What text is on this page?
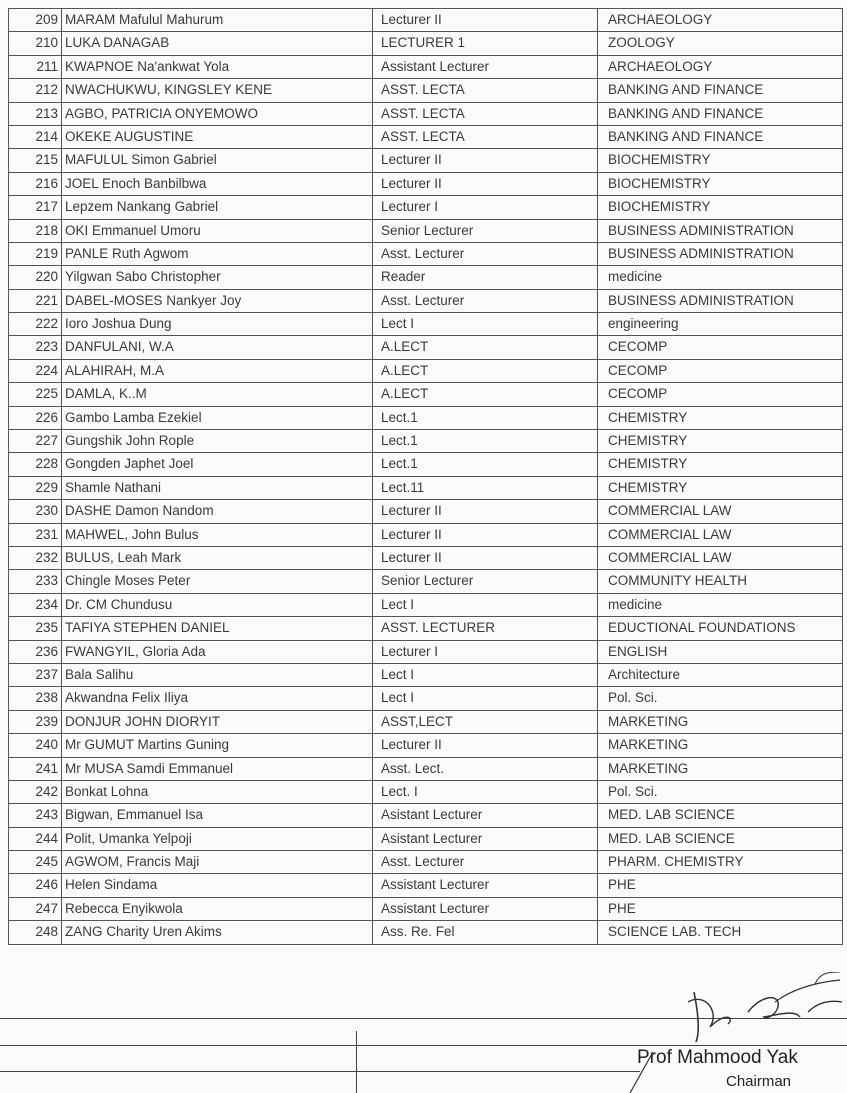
209 MARAM Mafulul Mahurum	Lecturer II	ARCHAEOLOGY
210 LUKA DANAGAB	LECTURER 1	ZOOLOGY
211 KWAPNOE Na'ankwat Yola	Assistant Lecturer	ARCHAEOLOGY
212 NWACHUKWU, KINGSLEY KENE	ASST. LECTA	BANKING AND FINANCE
213 AGBO, PATRICIA ONYEMOWO	ASST. LECTA	BANKING AND FINANCE
214 OKEKE AUGUSTINE	ASST. LECTA	BANKING AND FINANCE
215 MAFULUL Simon Gabriel	Lecturer II	BIOCHEMISTRY
216 JOEL Enoch Banbilbwa	Lecturer II	BIOCHEMISTRY
217 Lepzem Nankang Gabriel	Lecturer I	BIOCHEMISTRY
218 OKI Emmanuel Umoru	Senior Lecturer	BUSINESS ADMINISTRATION
219 PANLE Ruth Agwom	Asst. Lecturer	BUSINESS ADMINISTRATION
220 Yilgwan Sabo Christopher	Reader	medicine
221 DABEL-MOSES Nankyer Joy	Asst. Lecturer	BUSINESS ADMINISTRATION
222 Ioro Joshua Dung	Lect I	engineering
223 DANFULANI, W.A	A.LECT	CECOMP
224 ALAHIRAH, M.A	A.LECT	CECOMP
225 DAMLA, K..M	A.LECT	CECOMP
226 Gambo Lamba Ezekiel	Lect.1	CHEMISTRY
227 Gungshik John Rople	Lect.1	CHEMISTRY
228 Gongden Japhet Joel	Lect.1	CHEMISTRY
229 Shamle Nathani	Lect.11	CHEMISTRY
230 DASHE Damon Nandom	Lecturer II	COMMERCIAL LAW
231 MAHWEL, John Bulus	Lecturer II	COMMERCIAL LAW
232 BULUS, Leah Mark	Lecturer II	COMMERCIAL LAW
233 Chingle Moses Peter	Senior Lecturer	COMMUNITY HEALTH
234 Dr. CM Chundusu	Lect I	medicine
235 TAFIYA STEPHEN DANIEL	ASST. LECTURER	EDUCTIONAL FOUNDATIONS
236 FWANGYIL, Gloria Ada	Lecturer I	ENGLISH
237 Bala Salihu	Lect I	Architecture
238 Akwandna Felix Iliya	Lect I	Pol. Sci.
239 DONJUR JOHN DIORYIT	ASST,LECT	MARKETING
240 Mr GUMUT Martins Guning	Lecturer II	MARKETING
241 Mr MUSA Samdi Emmanuel	Asst. Lect.	MARKETING
242 Bonkat Lohna	Lect. I	Pol. Sci.
243 Bigwan, Emmanuel Isa	Asistant Lecturer	MED. LAB SCIENCE
244 Polit, Umanka Yelpoji	Asistant Lecturer	MED. LAB SCIENCE
245 AGWOM, Francis Maji	Asst. Lecturer	PHARM. CHEMISTRY
246 Helen Sindama	Assistant Lecturer	PHE
247 Rebecca Enyikwola	Assistant Lecturer	PHE
248 ZANG Charity Uren Akims	Ass. Re. Fel	SCIENCE LAB. TECH
Prof Mahmood Yak
Chairman
